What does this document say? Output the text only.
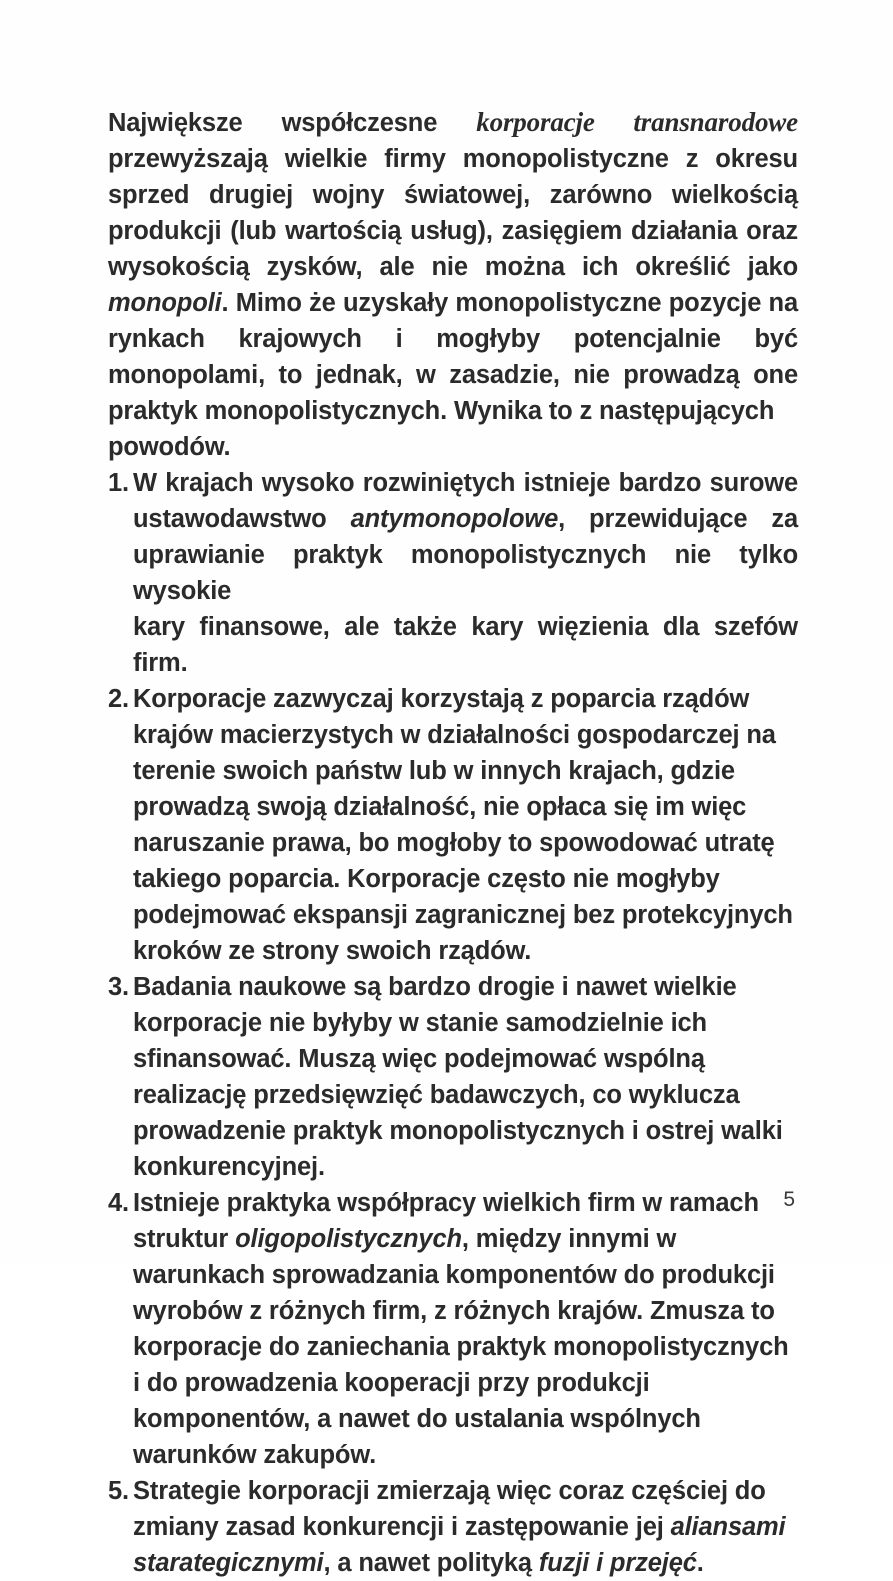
Największe współczesne korporacje transnarodowe przewyższają wielkie firmy monopolistyczne z okresu sprzed drugiej wojny światowej, zarówno wielkością produkcji (lub wartością usług), zasięgiem działania oraz wysokością zysków, ale nie można ich określić jako monopoli. Mimo że uzyskały monopolistyczne pozycje na rynkach krajowych i mogłyby potencjalnie być monopolami, to jednak, w zasadzie, nie prowadzą one praktyk monopolistycznych. Wynika to z następujących

powodów.

1. W krajach wysoko rozwiniętych istnieje bardzo surowe ustawodawstwo antymonopolowe, przewidujące za uprawianie praktyk monopolistycznych nie tylko wysokie
kary finansowe, ale także kary więzienia dla szefów firm.
2. Korporacje zazwyczaj korzystają z poparcia rządów krajów macierzystych w działalności gospodarczej na terenie swoich państw lub w innych krajach, gdzie prowadzą swoją działalność, nie opłaca się im więc naruszanie prawa, bo mogłoby to spowodować utratę takiego poparcia. Korporacje często nie mogłyby podejmować ekspansji zagranicznej bez protekcyjnych kroków ze strony swoich rządów.
3. Badania naukowe są bardzo drogie i nawet wielkie korporacje nie byłyby w stanie samodzielnie ich sfinansować. Muszą więc podejmować wspólną realizację przedsięwzięć badawczych, co wyklucza prowadzenie praktyk monopolistycznych i ostrej walki konkurencyjnej.
4. Istnieje praktyka współpracy wielkich firm w ramach struktur oligopolistycznych, między innymi w warunkach sprowadzania komponentów do produkcji wyrobów z różnych firm, z różnych krajów. Zmusza to korporacje do zaniechania praktyk monopolistycznych i do prowadzenia kooperacji przy produkcji komponentów, a nawet do ustalania wspólnych warunków zakupów.
5. Strategie korporacji zmierzają więc coraz częściej do zmiany zasad konkurencji i zastępowanie jej aliansami starategicznymi, a nawet polityką fuzji i przejęć.
5
